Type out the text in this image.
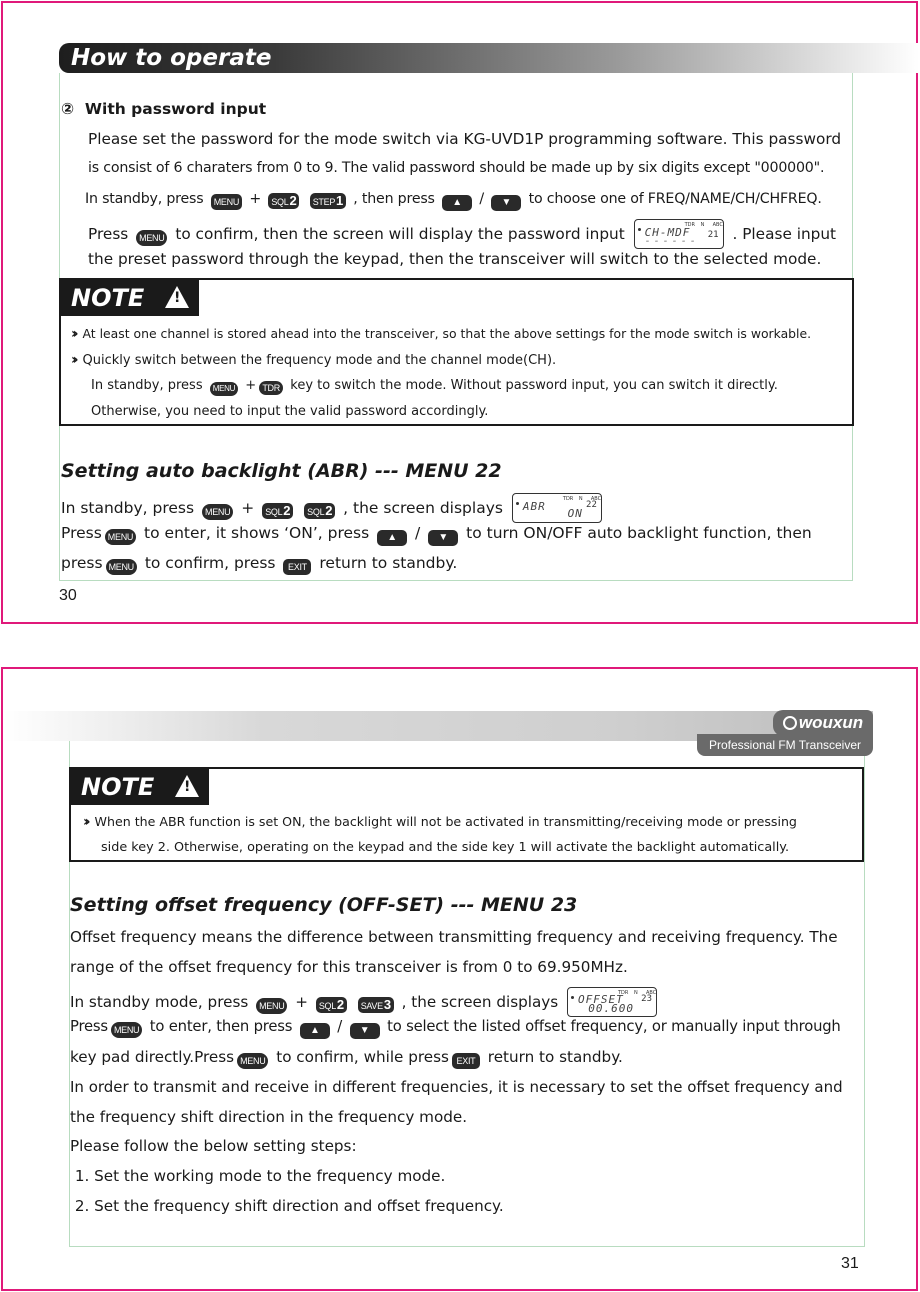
How to operate
② With password input
Please set the password for the mode switch via KG-UVD1P programming software. This password
is consist of 6 charaters from 0 to 9. The valid password should be made up by six digits except "000000".
In standby, press MENU + SQL2 STEP1 , then press ▲ / ▼ to choose one of FREQ/NAME/CH/CHFREQ.
Press MENU to confirm, then the screen will display the password input	TDR N ABC
CH-MDF
------
21 . Please input
the preset password through the keypad, then the transceiver will switch to the selected mode.
NOTE
!
›› At least one channel is stored ahead into the transceiver, so that the above settings for the mode switch is workable.
›› Quickly switch between the frequency mode and the channel mode(CH).
In standby, press MENU + TDR key to switch the mode. Without password input, you can switch it directly.
Otherwise, you need to input the valid password accordingly.
Setting auto backlight (ABR) --- MENU 22
In standby, press MENU + SQL2 SQL2 , the screen displays	TDR N ABC
ABR
ON
22
Press MENU to enter, it shows ‘ON’, press ▲ / ▼ to turn ON/OFF auto backlight function, then
press MENU to confirm, press EXIT return to standby.
30
wouxun
Professional FM Transceiver
NOTE
!
›› When the ABR function is set ON, the backlight will not be activated in transmitting/receiving mode or pressing
side key 2. Otherwise, operating on the keypad and the side key 1 will activate the backlight automatically.
Setting offset frequency (OFF-SET) --- MENU 23
Offset frequency means the difference between transmitting frequency and receiving frequency. The
range of the offset frequency for this transceiver is from 0 to 69.950MHz.
In standby mode, press MENU + SQL2 SAVE3 , the screen displays	TDR N ABC
OFFSET
00.600
23
Press MENU to enter, then press ▲ / ▼ to select the listed offset frequency, or manually input through
key pad directly.Press MENU to confirm, while press EXIT return to standby.
In order to transmit and receive in different frequencies, it is necessary to set the offset frequency and
the frequency shift direction in the frequency mode.
Please follow the below setting steps:
1. Set the working mode to the frequency mode.
2. Set the frequency shift direction and offset frequency.
31
